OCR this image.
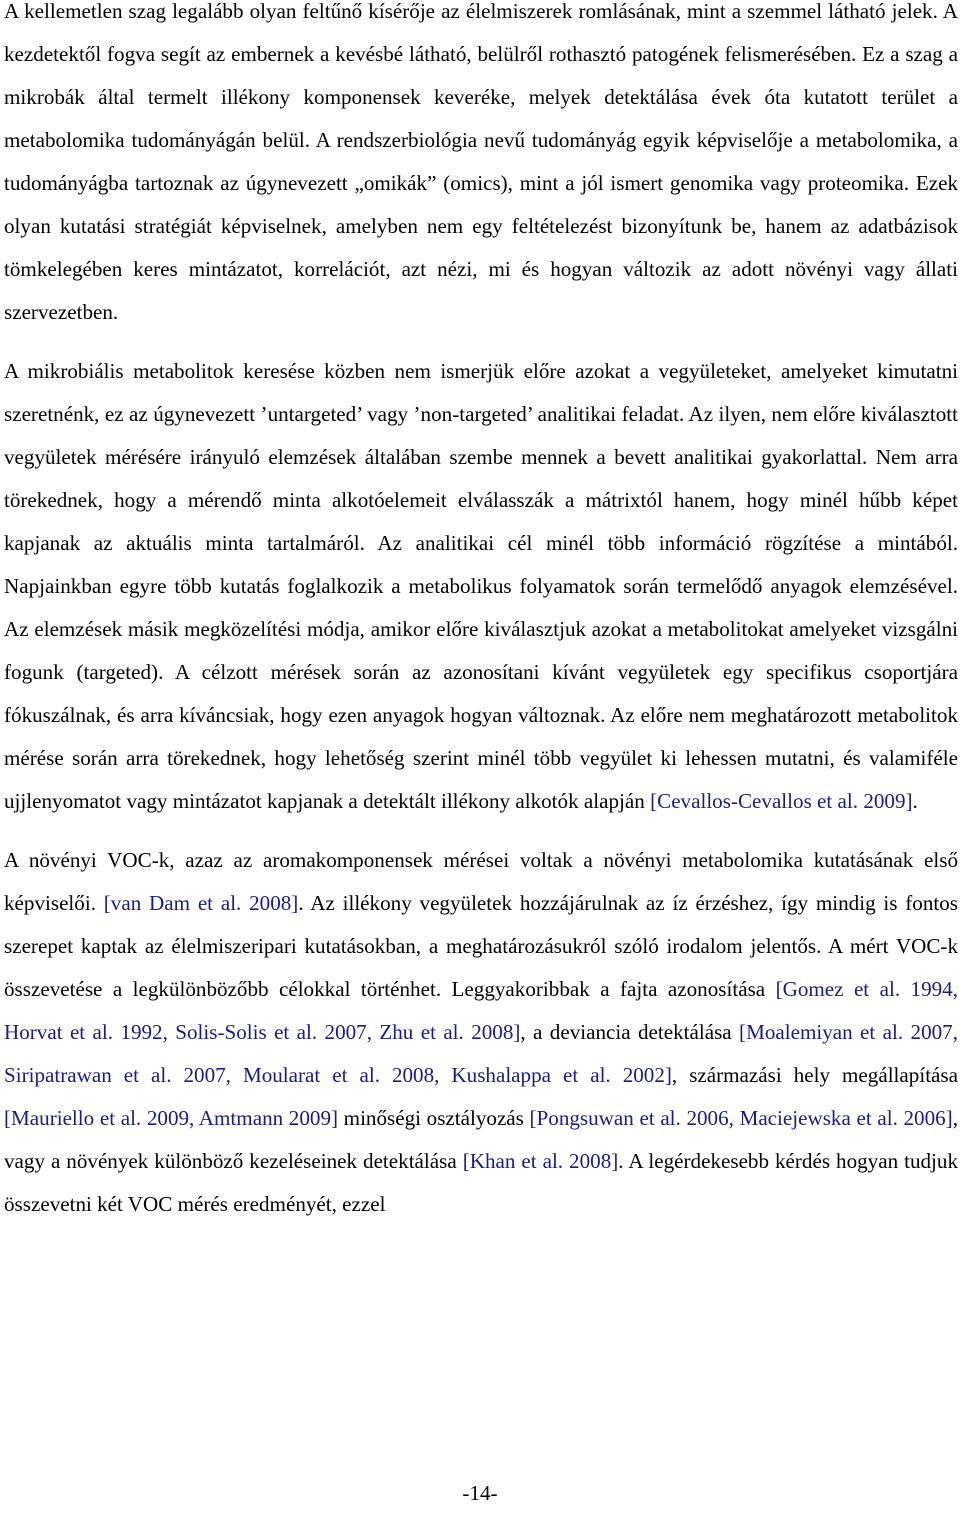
A kellemetlen szag legalább olyan feltűnő kísérője az élelmiszerek romlásának, mint a szemmel látható jelek. A kezdetektől fogva segít az embernek a kevésbé látható, belülről rothasztó patogének felismerésében. Ez a szag a mikrobák által termelt illékony komponensek keveréke, melyek detektálása évek óta kutatott terület a metabolomika tudományágán belül. A rendszerbiológia nevű tudományág egyik képviselője a metabolomika, a tudományágba tartoznak az úgynevezett „omikák” (omics), mint a jól ismert genomika vagy proteomika. Ezek olyan kutatási stratégiát képviselnek, amelyben nem egy feltételezést bizonyítunk be, hanem az adatbázisok tömkelegében keres mintázatot, korrelációt, azt nézi, mi és hogyan változik az adott növényi vagy állati szervezetben.

A mikrobiális metabolitok keresése közben nem ismerjük előre azokat a vegyületeket, amelyeket kimutatni szeretnénk, ez az úgynevezett ’untargeted’ vagy ’non-targeted’ analitikai feladat. Az ilyen, nem előre kiválasztott vegyületek mérésére irányuló elemzések általában szembe mennek a bevett analitikai gyakorlattal. Nem arra törekednek, hogy a mérendő minta alkotóelemeit elválasszák a mátrixtól hanem, hogy minél hűbb képet kapjanak az aktuális minta tartalmáról. Az analitikai cél minél több információ rögzítése a mintából. Napjainkban egyre több kutatás foglalkozik a metabolikus folyamatok során termelődő anyagok elemzésével. Az elemzések másik megközelítési módja, amikor előre kiválasztjuk azokat a metabolitokat amelyeket vizsgálni fogunk (targeted). A célzott mérések során az azonosítani kívánt vegyületek egy specifikus csoportjára fókuszálnak, és arra kíváncsiak, hogy ezen anyagok hogyan változnak. Az előre nem meghatározott metabolitok mérése során arra törekednek, hogy lehetőség szerint minél több vegyület ki lehessen mutatni, és valamiféle ujjlenyomatot vagy mintázatot kapjanak a detektált illékony alkotók alapján [Cevallos-Cevallos et al. 2009].

A növényi VOC-k, azaz az aromakomponensek mérései voltak a növényi metabolomika kutatásának első képviselői. [van Dam et al. 2008]. Az illékony vegyületek hozzájárulnak az íz érzéshez, így mindig is fontos szerepet kaptak az élelmiszeripari kutatásokban, a meghatározásukról szóló irodalom jelentős. A mért VOC-k összevetése a legkülönbözőbb célokkal történhet. Leggyakoribbak a fajta azonosítása [Gomez et al. 1994, Horvat et al. 1992, Solis-Solis et al. 2007, Zhu et al. 2008], a deviancia detektálása [Moalemiyan et al. 2007, Siripatrawan et al. 2007, Moularat et al. 2008, Kushalappa et al. 2002], származási hely megállapítása [Mauriello et al. 2009, Amtmann 2009] minőségi osztályozás [Pongsuwan et al. 2006, Maciejewska et al. 2006], vagy a növények különböző kezeléseinek detektálása [Khan et al. 2008]. A legérdekesebb kérdés hogyan tudjuk összevetni két VOC mérés eredményét, ezzel

-14-
